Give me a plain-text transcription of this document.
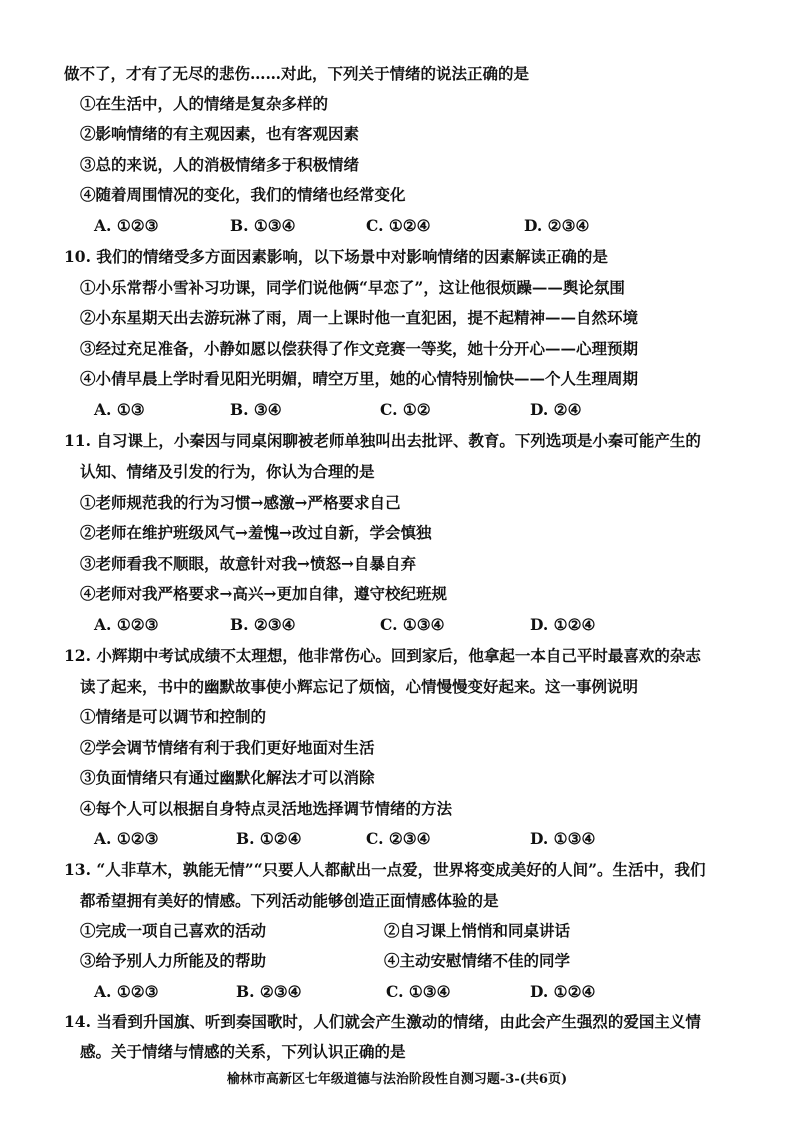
做不了，才有了无尽的悲伤……对此，下列关于情绪的说法正确的是
①在生活中，人的情绪是复杂多样的
②影响情绪的有主观因素，也有客观因素
③总的来说，人的消极情绪多于积极情绪
④随着周围情况的变化，我们的情绪也经常变化
A. ①②③	B. ①③④	C. ①②④	D. ②③④
10. 我们的情绪受多方面因素影响，以下场景中对影响情绪的因素解读正确的是
①小乐常帮小雪补习功课，同学们说他俩“早恋了”，这让他很烦躁——舆论氛围
②小东星期天出去游玩淋了雨，周一上课时他一直犯困，提不起精神——自然环境
③经过充足准备，小静如愿以偿获得了作文竞赛一等奖，她十分开心——心理预期
④小倩早晨上学时看见阳光明媚，晴空万里，她的心情特别愉快——个人生理周期
A. ①③	B. ③④	C. ①②	D. ②④
11. 自习课上，小秦因与同桌闲聊被老师单独叫出去批评、教育。下列选项是小秦可能产生的
认知、情绪及引发的行为，你认为合理的是
①老师规范我的行为习惯→感激→严格要求自己
②老师在维护班级风气→羞愧→改过自新，学会慎独
③老师看我不顺眼，故意针对我→愤怒→自暴自弃
④老师对我严格要求→高兴→更加自律，遵守校纪班规
A. ①②③	B. ②③④	C. ①③④	D. ①②④
12. 小辉期中考试成绩不太理想，他非常伤心。回到家后，他拿起一本自己平时最喜欢的杂志
读了起来，书中的幽默故事使小辉忘记了烦恼，心情慢慢变好起来。这一事例说明
①情绪是可以调节和控制的
②学会调节情绪有利于我们更好地面对生活
③负面情绪只有通过幽默化解法才可以消除
④每个人可以根据自身特点灵活地选择调节情绪的方法
A. ①②③	B. ①②④	C. ②③④	D. ①③④
13. “人非草木，孰能无情”“只要人人都献出一点爱，世界将变成美好的人间”。生活中，我们
都希望拥有美好的情感。下列活动能够创造正面情感体验的是
①完成一项自己喜欢的活动	②自习课上悄悄和同桌讲话
③给予别人力所能及的帮助	④主动安慰情绪不佳的同学
A. ①②③	B. ②③④	C. ①③④	D. ①②④
14. 当看到升国旗、听到奏国歌时，人们就会产生激动的情绪，由此会产生强烈的爱国主义情
感。关于情绪与情感的关系，下列认识正确的是
榆林市高新区七年级道德与法治阶段性自测习题-3-(共6页)
